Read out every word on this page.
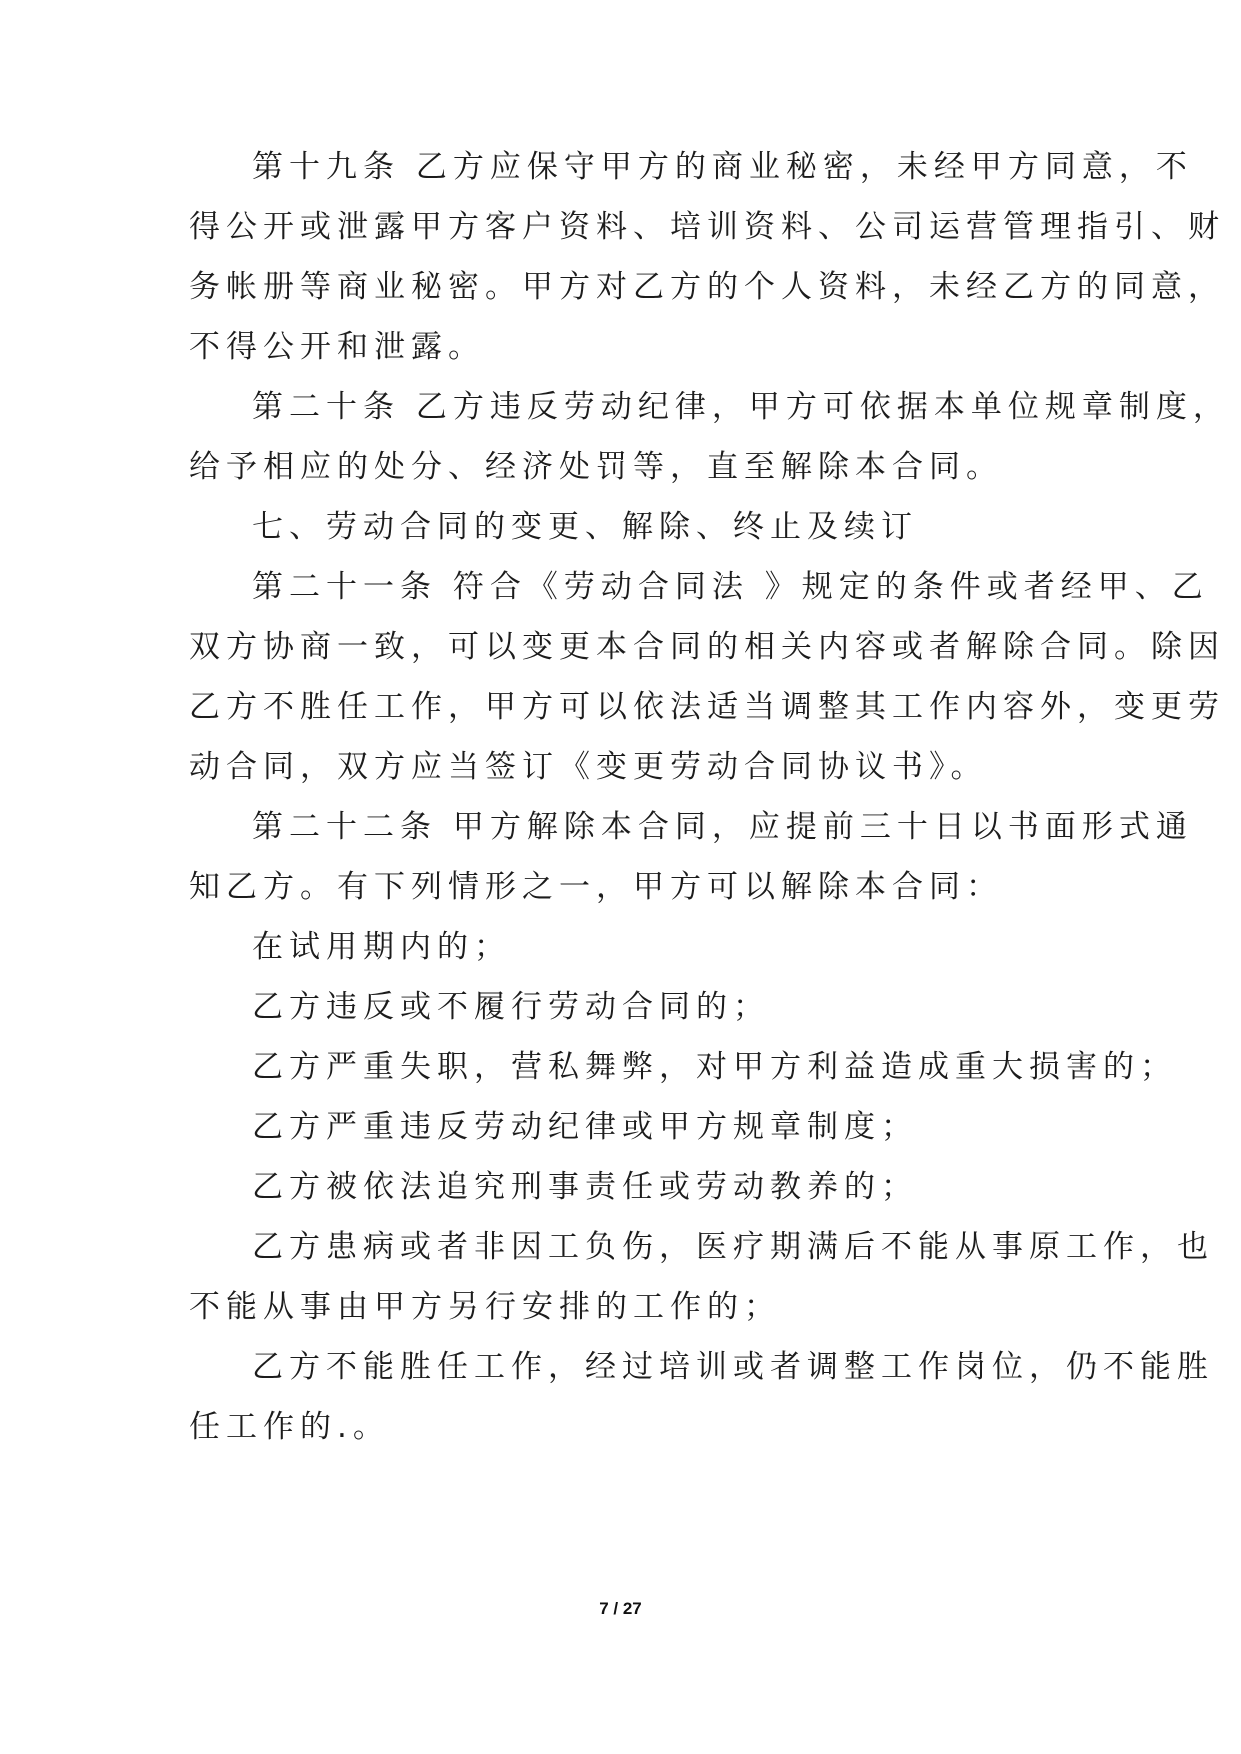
第十九条 乙方应保守甲方的商业秘密，未经甲方同意，不
得公开或泄露甲方客户资料、培训资料、公司运营管理指引、财
务帐册等商业秘密。甲方对乙方的个人资料，未经乙方的同意，
不得公开和泄露。
第二十条 乙方违反劳动纪律，甲方可依据本单位规章制度，
给予相应的处分、经济处罚等，直至解除本合同。
七、劳动合同的变更、解除、终止及续订
第二十一条 符合《劳动合同法 》规定的条件或者经甲、乙
双方协商一致，可以变更本合同的相关内容或者解除合同。除因
乙方不胜任工作，甲方可以依法适当调整其工作内容外，变更劳
动合同，双方应当签订《变更劳动合同协议书》。
第二十二条 甲方解除本合同，应提前三十日以书面形式通
知乙方。有下列情形之一，甲方可以解除本合同：
在试用期内的；
乙方违反或不履行劳动合同的；
乙方严重失职，营私舞弊，对甲方利益造成重大损害的；
乙方严重违反劳动纪律或甲方规章制度；
乙方被依法追究刑事责任或劳动教养的；
乙方患病或者非因工负伤，医疗期满后不能从事原工作，也
不能从事由甲方另行安排的工作的；
乙方不能胜任工作，经过培训或者调整工作岗位，仍不能胜
任工作的.。
7 / 27
